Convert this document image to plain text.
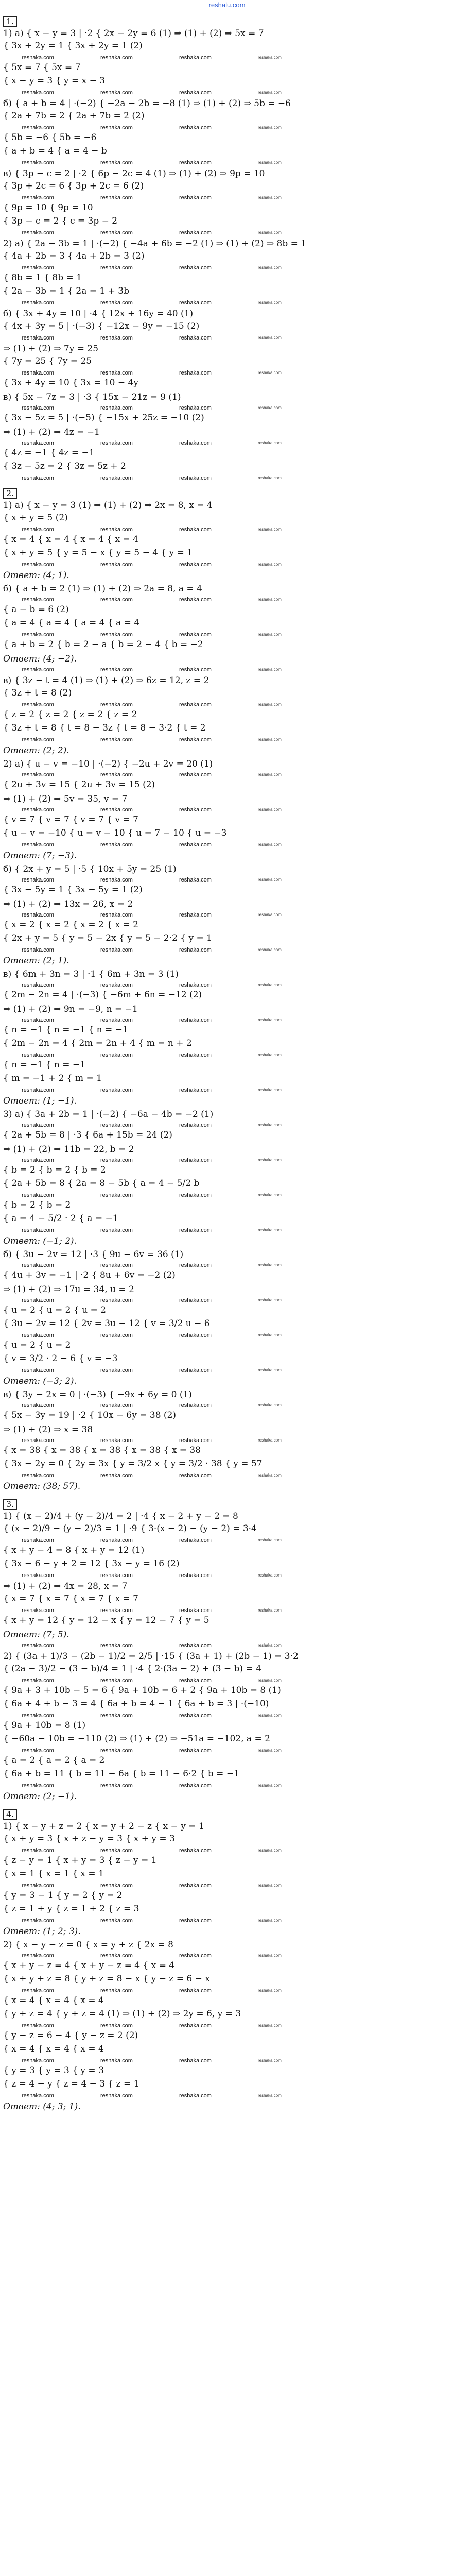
reshalu.com
1.
1) a) { x − y = 3 | ·2 { 2x − 2y = 6 (1) ⇒ (1) + (2) ⇒ 5x = 7
{ 3x + 2y = 1 { 3x + 2y = 1 (2)
reshaka.com	reshaka.com	reshaka.com	reshaka.com
{ 5x = 7 { 5x = 7
{ x − y = 3 { y = x − 3
reshaka.com	reshaka.com	reshaka.com	reshaka.com
б) { a + b = 4 | ·(−2) { −2a − 2b = −8 (1) ⇒ (1) + (2) ⇒ 5b = −6
{ 2a + 7b = 2 { 2a + 7b = 2 (2)
reshaka.com	reshaka.com	reshaka.com	reshaka.com
{ 5b = −6 { 5b = −6
{ a + b = 4 { a = 4 − b
reshaka.com	reshaka.com	reshaka.com	reshaka.com
в) { 3p − c = 2 | ·2 { 6p − 2c = 4 (1) ⇒ (1) + (2) ⇒ 9p = 10
{ 3p + 2c = 6 { 3p + 2c = 6 (2)
reshaka.com	reshaka.com	reshaka.com	reshaka.com
{ 9p = 10 { 9p = 10
{ 3p − c = 2 { c = 3p − 2
reshaka.com	reshaka.com	reshaka.com	reshaka.com
2) a) { 2a − 3b = 1 | ·(−2) { −4a + 6b = −2 (1) ⇒ (1) + (2) ⇒ 8b = 1
{ 4a + 2b = 3 { 4a + 2b = 3 (2)
reshaka.com	reshaka.com	reshaka.com	reshaka.com
{ 8b = 1 { 8b = 1
{ 2a − 3b = 1 { 2a = 1 + 3b
reshaka.com	reshaka.com	reshaka.com	reshaka.com
б) { 3x + 4y = 10 | ·4 { 12x + 16y = 40 (1)
{ 4x + 3y = 5 | ·(−3) { −12x − 9y = −15 (2)
reshaka.com	reshaka.com	reshaka.com	reshaka.com
⇒ (1) + (2) ⇒ 7y = 25
{ 7y = 25 { 7y = 25
reshaka.com	reshaka.com	reshaka.com	reshaka.com
{ 3x + 4y = 10 { 3x = 10 − 4y
в) { 5x − 7z = 3 | ·3 { 15x − 21z = 9 (1)
reshaka.com	reshaka.com	reshaka.com	reshaka.com
{ 3x − 5z = 5 | ·(−5) { −15x + 25z = −10 (2)
⇒ (1) + (2) ⇒ 4z = −1
reshaka.com	reshaka.com	reshaka.com	reshaka.com
{ 4z = −1 { 4z = −1
{ 3z − 5z = 2 { 3z = 5z + 2
reshaka.com	reshaka.com	reshaka.com	reshaka.com
2.
1) a) { x − y = 3 (1) ⇒ (1) + (2) ⇒ 2x = 8, x = 4
{ x + y = 5 (2)
reshaka.com	reshaka.com	reshaka.com	reshaka.com
{ x = 4 { x = 4 { x = 4 { x = 4
{ x + y = 5 { y = 5 − x { y = 5 − 4 { y = 1
reshaka.com	reshaka.com	reshaka.com	reshaka.com
Ответ: (4; 1).
б) { a + b = 2 (1) ⇒ (1) + (2) ⇒ 2a = 8, a = 4
reshaka.com	reshaka.com	reshaka.com	reshaka.com
{ a − b = 6 (2)
{ a = 4 { a = 4 { a = 4 { a = 4
reshaka.com	reshaka.com	reshaka.com	reshaka.com
{ a + b = 2 { b = 2 − a { b = 2 − 4 { b = −2
Ответ: (4; −2).
reshaka.com	reshaka.com	reshaka.com	reshaka.com
в) { 3z − t = 4 (1) ⇒ (1) + (2) ⇒ 6z = 12, z = 2
{ 3z + t = 8 (2)
reshaka.com	reshaka.com	reshaka.com	reshaka.com
{ z = 2 { z = 2 { z = 2 { z = 2
{ 3z + t = 8 { t = 8 − 3z { t = 8 − 3·2 { t = 2
reshaka.com	reshaka.com	reshaka.com	reshaka.com
Ответ: (2; 2).
2) a) { u − v = −10 | ·(−2) { −2u + 2v = 20 (1)
reshaka.com	reshaka.com	reshaka.com	reshaka.com
{ 2u + 3v = 15 { 2u + 3v = 15 (2)
⇒ (1) + (2) ⇒ 5v = 35, v = 7
reshaka.com	reshaka.com	reshaka.com	reshaka.com
{ v = 7 { v = 7 { v = 7 { v = 7
{ u − v = −10 { u = v − 10 { u = 7 − 10 { u = −3
reshaka.com	reshaka.com	reshaka.com	reshaka.com
Ответ: (7; −3).
б) { 2x + y = 5 | ·5 { 10x + 5y = 25 (1)
reshaka.com	reshaka.com	reshaka.com	reshaka.com
{ 3x − 5y = 1 { 3x − 5y = 1 (2)
⇒ (1) + (2) ⇒ 13x = 26, x = 2
reshaka.com	reshaka.com	reshaka.com	reshaka.com
{ x = 2 { x = 2 { x = 2 { x = 2
{ 2x + y = 5 { y = 5 − 2x { y = 5 − 2·2 { y = 1
reshaka.com	reshaka.com	reshaka.com	reshaka.com
Ответ: (2; 1).
в) { 6m + 3n = 3 | ·1 { 6m + 3n = 3 (1)
reshaka.com	reshaka.com	reshaka.com	reshaka.com
{ 2m − 2n = 4 | ·(−3) { −6m + 6n = −12 (2)
⇒ (1) + (2) ⇒ 9n = −9, n = −1
reshaka.com	reshaka.com	reshaka.com	reshaka.com
{ n = −1 { n = −1 { n = −1
{ 2m − 2n = 4 { 2m = 2n + 4 { m = n + 2
reshaka.com	reshaka.com	reshaka.com	reshaka.com
{ n = −1 { n = −1
{ m = −1 + 2 { m = 1
reshaka.com	reshaka.com	reshaka.com	reshaka.com
Ответ: (1; −1).
3) a) { 3a + 2b = 1 | ·(−2) { −6a − 4b = −2 (1)
reshaka.com	reshaka.com	reshaka.com	reshaka.com
{ 2a + 5b = 8 | ·3 { 6a + 15b = 24 (2)
⇒ (1) + (2) ⇒ 11b = 22, b = 2
reshaka.com	reshaka.com	reshaka.com	reshaka.com
{ b = 2 { b = 2 { b = 2
{ 2a + 5b = 8 { 2a = 8 − 5b { a = 4 − 5/2 b
reshaka.com	reshaka.com	reshaka.com	reshaka.com
{ b = 2 { b = 2
{ a = 4 − 5/2 · 2 { a = −1
reshaka.com	reshaka.com	reshaka.com	reshaka.com
Ответ: (−1; 2).
б) { 3u − 2v = 12 | ·3 { 9u − 6v = 36 (1)
reshaka.com	reshaka.com	reshaka.com	reshaka.com
{ 4u + 3v = −1 | ·2 { 8u + 6v = −2 (2)
⇒ (1) + (2) ⇒ 17u = 34, u = 2
reshaka.com	reshaka.com	reshaka.com	reshaka.com
{ u = 2 { u = 2 { u = 2
{ 3u − 2v = 12 { 2v = 3u − 12 { v = 3/2 u − 6
reshaka.com	reshaka.com	reshaka.com	reshaka.com
{ u = 2 { u = 2
{ v = 3/2 · 2 − 6 { v = −3
reshaka.com	reshaka.com	reshaka.com	reshaka.com
Ответ: (−3; 2).
в) { 3y − 2x = 0 | ·(−3) { −9x + 6y = 0 (1)
reshaka.com	reshaka.com	reshaka.com	reshaka.com
{ 5x − 3y = 19 | ·2 { 10x − 6y = 38 (2)
⇒ (1) + (2) ⇒ x = 38
reshaka.com	reshaka.com	reshaka.com	reshaka.com
{ x = 38 { x = 38 { x = 38 { x = 38 { x = 38
{ 3x − 2y = 0 { 2y = 3x { y = 3/2 x { y = 3/2 · 38 { y = 57
reshaka.com	reshaka.com	reshaka.com	reshaka.com
Ответ: (38; 57).
3.
1) { (x − 2)/4 + (y − 2)/4 = 2 | ·4 { x − 2 + y − 2 = 8
{ (x − 2)/9 − (y − 2)/3 = 1 | ·9 { 3·(x − 2) − (y − 2) = 3·4
reshaka.com	reshaka.com	reshaka.com	reshaka.com
{ x + y − 4 = 8 { x + y = 12 (1)
{ 3x − 6 − y + 2 = 12 { 3x − y = 16 (2)
reshaka.com	reshaka.com	reshaka.com	reshaka.com
⇒ (1) + (2) ⇒ 4x = 28, x = 7
{ x = 7 { x = 7 { x = 7 { x = 7
reshaka.com	reshaka.com	reshaka.com	reshaka.com
{ x + y = 12 { y = 12 − x { y = 12 − 7 { y = 5
Ответ: (7; 5).
reshaka.com	reshaka.com	reshaka.com	reshaka.com
2) { (3a + 1)/3 − (2b − 1)/2 = 2/5 | ·15 { (3a + 1) + (2b − 1) = 3·2
{ (2a − 3)/2 − (3 − b)/4 = 1 | ·4 { 2·(3a − 2) + (3 − b) = 4
reshaka.com	reshaka.com	reshaka.com	reshaka.com
{ 9a + 3 + 10b − 5 = 6 { 9a + 10b = 6 + 2 { 9a + 10b = 8 (1)
{ 6a + 4 + b − 3 = 4 { 6a + b = 4 − 1 { 6a + b = 3 | ·(−10)
reshaka.com	reshaka.com	reshaka.com	reshaka.com
{ 9a + 10b = 8 (1)
{ −60a − 10b = −110 (2) ⇒ (1) + (2) ⇒ −51a = −102, a = 2
reshaka.com	reshaka.com	reshaka.com	reshaka.com
{ a = 2 { a = 2 { a = 2
{ 6a + b = 11 { b = 11 − 6a { b = 11 − 6·2 { b = −1
reshaka.com	reshaka.com	reshaka.com	reshaka.com
Ответ: (2; −1).
4.
1) { x − y + z = 2 { x = y + 2 − z { x − y = 1
{ x + y = 3 { x + z − y = 3 { x + y = 3
reshaka.com	reshaka.com	reshaka.com	reshaka.com
{ z − y = 1 { x + y = 3 { z − y = 1
{ x = 1 { x = 1 { x = 1
reshaka.com	reshaka.com	reshaka.com	reshaka.com
{ y = 3 − 1 { y = 2 { y = 2
{ z = 1 + y { z = 1 + 2 { z = 3
reshaka.com	reshaka.com	reshaka.com	reshaka.com
Ответ: (1; 2; 3).
2) { x − y − z = 0 { x = y + z { 2x = 8
reshaka.com	reshaka.com	reshaka.com	reshaka.com
{ x + y − z = 4 { x + y − z = 4 { x = 4
{ x + y + z = 8 { y + z = 8 − x { y − z = 6 − x
reshaka.com	reshaka.com	reshaka.com	reshaka.com
{ x = 4 { x = 4 { x = 4
{ y + z = 4 { y + z = 4 (1) ⇒ (1) + (2) ⇒ 2y = 6, y = 3
reshaka.com	reshaka.com	reshaka.com	reshaka.com
{ y − z = 6 − 4 { y − z = 2 (2)
{ x = 4 { x = 4 { x = 4
reshaka.com	reshaka.com	reshaka.com	reshaka.com
{ y = 3 { y = 3 { y = 3
{ z = 4 − y { z = 4 − 3 { z = 1
reshaka.com	reshaka.com	reshaka.com	reshaka.com
Ответ: (4; 3; 1).
